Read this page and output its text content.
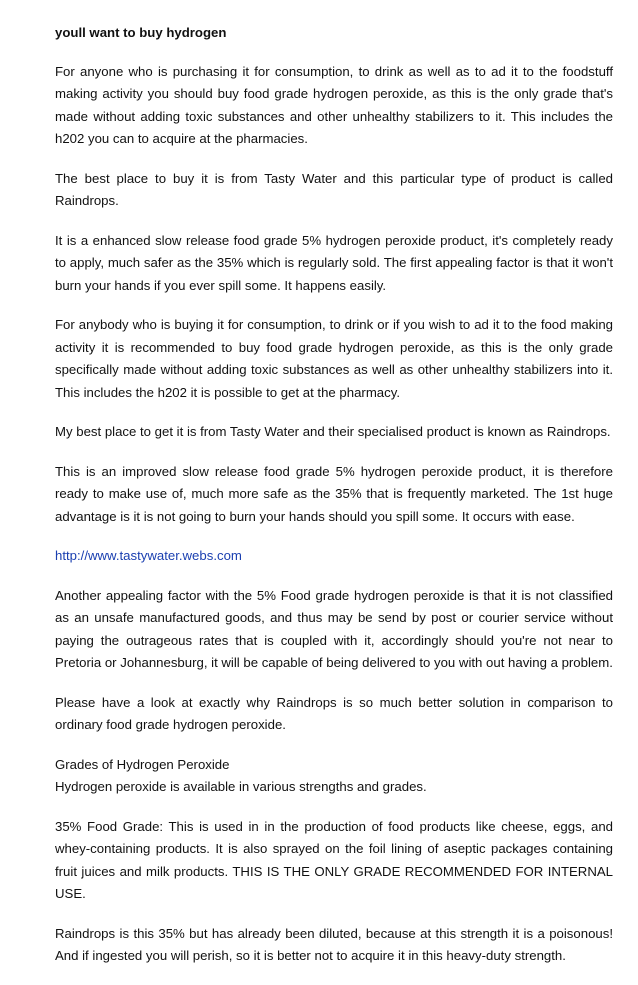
youll want to buy hydrogen

For anyone who is purchasing it for consumption, to drink as well as to ad it to the foodstuff making activity you should buy food grade hydrogen peroxide, as this is the only grade that's made without adding toxic substances and other unhealthy stabilizers to it. This includes the h202 you can to acquire at the pharmacies.

The best place to buy it is from Tasty Water and this particular type of product is called Raindrops.

It is a enhanced slow release food grade 5% hydrogen peroxide product, it's completely ready to apply, much safer as the 35% which is regularly sold. The first appealing factor is that it won't burn your hands if you ever spill some. It happens easily.

For anybody who is buying it for consumption, to drink or if you wish to ad it to the food making activity it is recommended to buy food grade hydrogen peroxide, as this is the only grade specifically made without adding toxic substances as well as other unhealthy stabilizers into it. This includes the h202 it is possible to get at the pharmacy.

My best place to get it is from Tasty Water and their specialised product is known as Raindrops.

This is an improved slow release food grade 5% hydrogen peroxide product, it is therefore ready to make use of, much more safe as the 35% that is frequently marketed. The 1st huge advantage is it is not going to burn your hands should you spill some. It occurs with ease.

http://www.tastywater.webs.com

Another appealing factor with the 5% Food grade hydrogen peroxide is that it is not classified as an unsafe manufactured goods, and thus may be send by post or courier service without paying the outrageous rates that is coupled with it, accordingly should you're not near to Pretoria or Johannesburg, it will be capable of being delivered to you with out having a problem.

Please have a look at exactly why Raindrops is so much better solution in comparison to ordinary food grade hydrogen peroxide.

Grades of Hydrogen Peroxide
Hydrogen peroxide is available in various strengths and grades.

35% Food Grade: This is used in in the production of food products like cheese, eggs, and whey-containing products. It is also sprayed on the foil lining of aseptic packages containing fruit juices and milk products. THIS IS THE ONLY GRADE RECOMMENDED FOR INTERNAL USE.

Raindrops is this 35% but has already been diluted, because at this strength it is a poisonous! And if ingested you will perish, so it is better not to acquire it in this heavy-duty strength.
